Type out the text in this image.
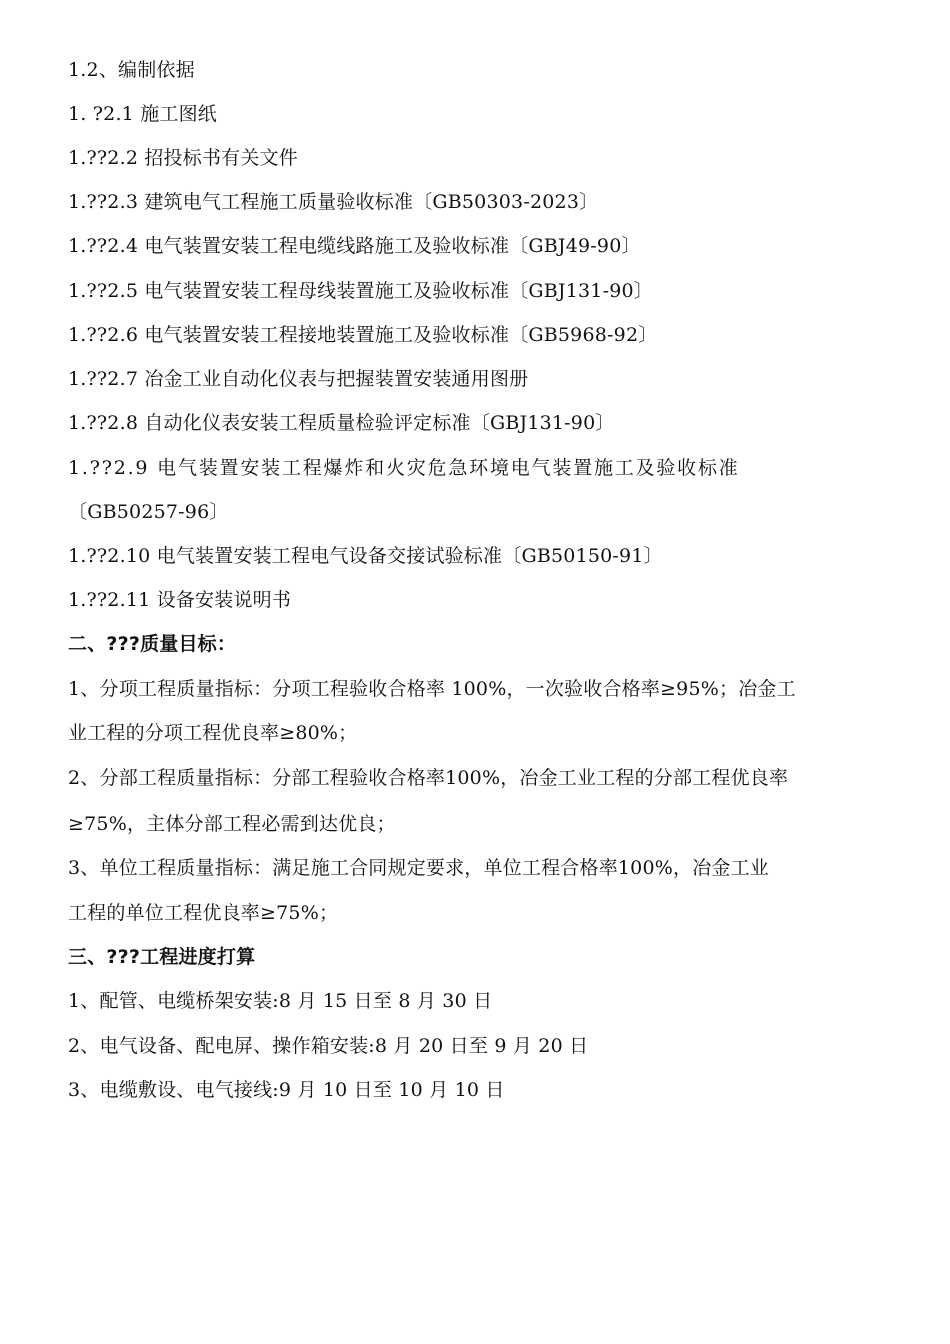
1.2、编制依据
1. ?2.1 施工图纸
1.??2.2 招投标书有关文件
1.??2.3 建筑电气工程施工质量验收标准〔GB50303-2023〕
1.??2.4 电气装置安装工程电缆线路施工及验收标准〔GBJ49-90〕
1.??2.5 电气装置安装工程母线装置施工及验收标准〔GBJ131-90〕
1.??2.6 电气装置安装工程接地装置施工及验收标准〔GB5968-92〕
1.??2.7 冶金工业自动化仪表与把握装置安装通用图册
1.??2.8 自动化仪表安装工程质量检验评定标准〔GBJ131-90〕
1.??2.9 电气装置安装工程爆炸和火灾危急环境电气装置施工及验收标准
〔GB50257-96〕
1.??2.10 电气装置安装工程电气设备交接试验标准〔GB50150-91〕
1.??2.11 设备安装说明书
二、???质量目标：
1、分项工程质量指标：分项工程验收合格率 100%，一次验收合格率≥95%；冶金工
业工程的分项工程优良率≥80%；
2、分部工程质量指标：分部工程验收合格率100%，冶金工业工程的分部工程优良率
≥75%，主体分部工程必需到达优良；
3、单位工程质量指标：满足施工合同规定要求，单位工程合格率100%，冶金工业
工程的单位工程优良率≥75%；
三、???工程进度打算
1、配管、电缆桥架安装:8 月 15 日至 8 月 30 日
2、电气设备、配电屏、操作箱安装:8 月 20 日至 9 月 20 日
3、电缆敷设、电气接线:9 月 10 日至 10 月 10 日
